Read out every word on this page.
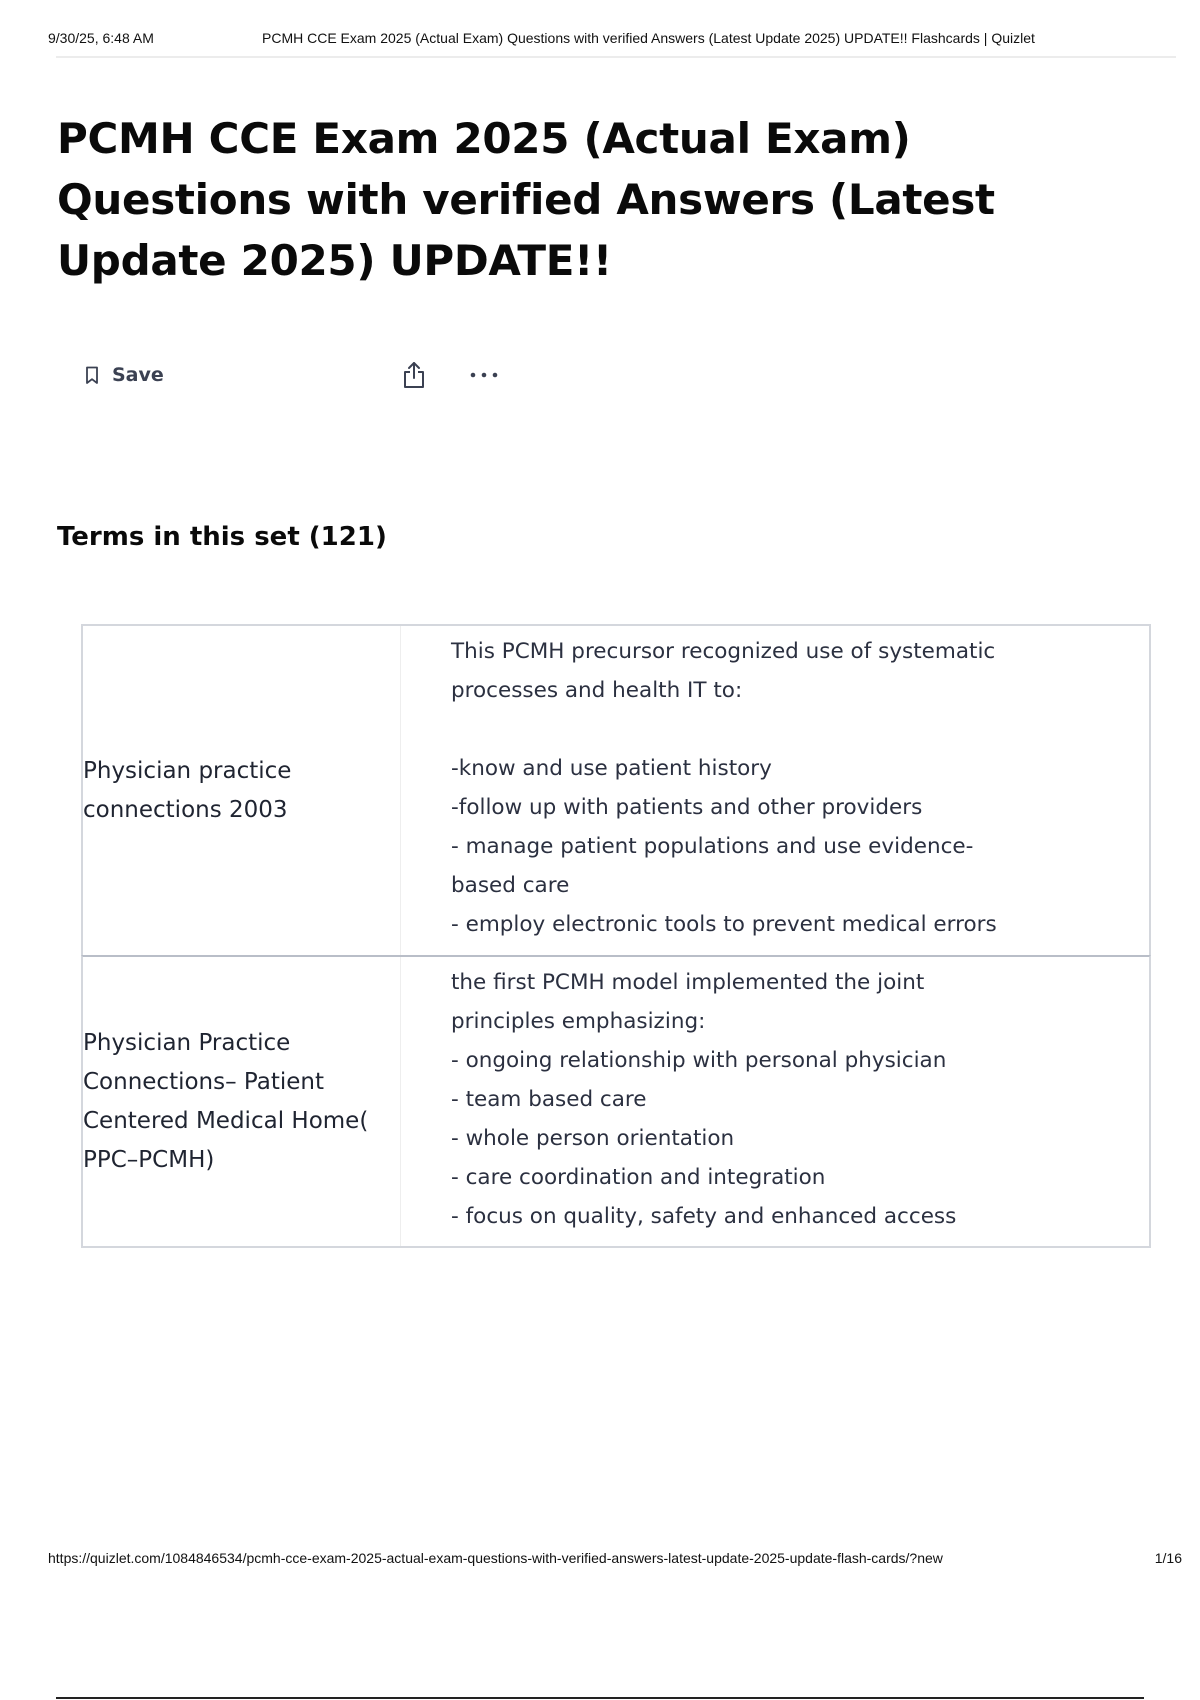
9/30/25, 6:48 AM	PCMH CCE Exam 2025 (Actual Exam) Questions with verified Answers (Latest Update 2025) UPDATE!! Flashcards | Quizlet
PCMH CCE Exam 2025 (Actual Exam) Questions with verified Answers (Latest Update 2025) UPDATE!!
Save
Terms in this set (121)
Physician practice
connections 2003
This PCMH precursor recognized use of systematic
processes and health IT to:
-know and use patient history
-follow up with patients and other providers
- manage patient populations and use evidence-
based care
- employ electronic tools to prevent medical errors
Physician Practice
Connections– Patient
Centered Medical Home(
PPC–PCMH)
the first PCMH model implemented the joint
principles emphasizing:
- ongoing relationship with personal physician
- team based care
- whole person orientation
- care coordination and integration
- focus on quality, safety and enhanced access
https://quizlet.com/1084846534/pcmh-cce-exam-2025-actual-exam-questions-with-verified-answers-latest-update-2025-update-flash-cards/?new	1/16
